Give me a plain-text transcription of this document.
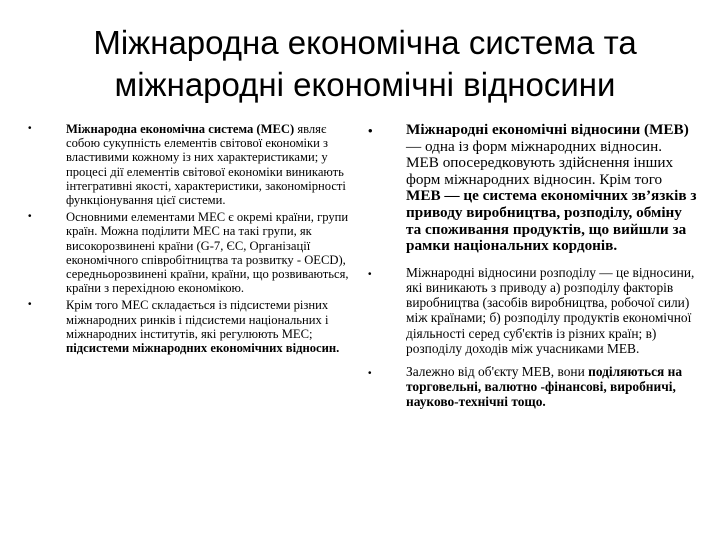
Міжнародна економічна система та
міжнародні економічні відносини
•	Міжнародна економічна система (МЕС) являє собою сукупність елементів світової економіки з властивими кожному із них характеристиками; у процесі дії елементів світової економіки виникають інтегративні якості, характеристики, закономірності функціонування цієї системи.
•	Основними елементами МЕС є окремі країни, групи країн. Можна поділити МЕС на такі групи, як високорозвинені країни (G-7, ЄС, Організації економічного співробітництва та розвитку - OECD), середньорозвинені країни, країни, що розвиваються, країни з перехідною економікою.
•	Крім того МЕС складається із підсистеми різних міжнародних ринків і підсистеми національних і міжнародних інститутів, які регулюють МЕС; підсистеми міжнародних економічних відносин.
• Міжнародні економічні відносини (МЕВ) — одна із форм міжнародних відносин. МЕВ опосередковують здійснення інших форм міжнародних відносин. Крім того МЕВ — це система економічних зв’язків з приводу виробництва, розподілу, обміну та споживання продуктів, що вийшли за рамки національних кордонів.
•	Міжнародні відносини розподілу — це відносини, які виникають з приводу а) розподілу факторів виробництва (засобів виробництва, робочої сили) між країнами; б) розподілу продуктів економічної діяльності серед суб'єктів із різних країн; в) розподілу доходів між учасниками МЕВ.
•	Залежно від об'єкту МЕВ, вони поділяються на торговельні, валютно -фінансові, виробничі, науково-технічні тощо.
